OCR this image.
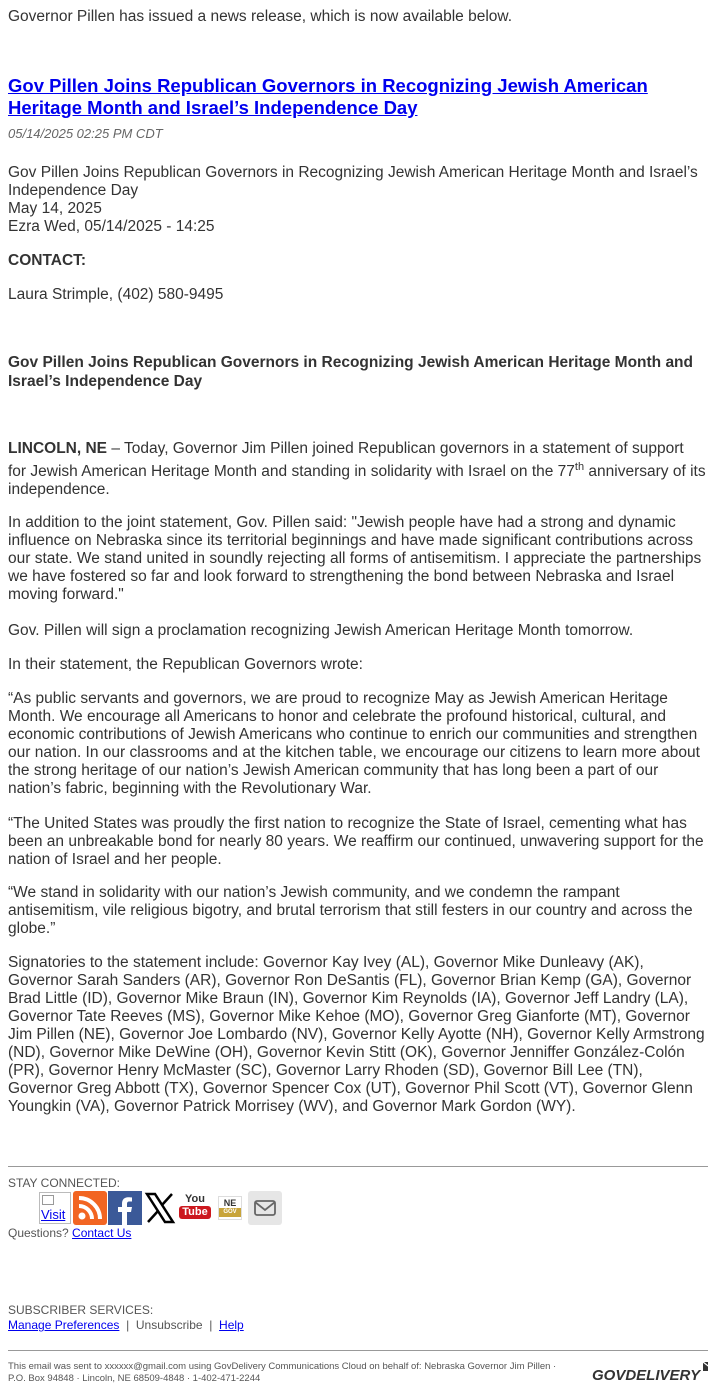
Governor Pillen has issued a news release, which is now available below.

Gov Pillen Joins Republican Governors in Recognizing Jewish American Heritage Month and Israel’s Independence Day
05/14/2025 02:25 PM CDT
Gov Pillen Joins Republican Governors in Recognizing Jewish American Heritage Month and Israel’s Independence Day
May 14, 2025
Ezra Wed, 05/14/2025 - 14:25
CONTACT:
Laura Strimple, (402) 580-9495
Gov Pillen Joins Republican Governors in Recognizing Jewish American Heritage Month and Israel’s Independence Day

LINCOLN, NE – Today, Governor Jim Pillen joined Republican governors in a statement of support for Jewish American Heritage Month and standing in solidarity with Israel on the 77th anniversary of its independence.

In addition to the joint statement, Gov. Pillen said: "Jewish people have had a strong and dynamic influence on Nebraska since its territorial beginnings and have made significant contributions across our state. We stand united in soundly rejecting all forms of antisemitism. I appreciate the partnerships we have fostered so far and look forward to strengthening the bond between Nebraska and Israel moving forward."

Gov. Pillen will sign a proclamation recognizing Jewish American Heritage Month tomorrow.

In their statement, the Republican Governors wrote:

“As public servants and governors, we are proud to recognize May as Jewish American Heritage Month. We encourage all Americans to honor and celebrate the profound historical, cultural, and economic contributions of Jewish Americans who continue to enrich our communities and strengthen our nation. In our classrooms and at the kitchen table, we encourage our citizens to learn more about the strong heritage of our nation’s Jewish American community that has long been a part of our nation’s fabric, beginning with the Revolutionary War.

“The United States was proudly the first nation to recognize the State of Israel, cementing what has been an unbreakable bond for nearly 80 years. We reaffirm our continued, unwavering support for the nation of Israel and her people.

“We stand in solidarity with our nation’s Jewish community, and we condemn the rampant antisemitism, vile religious bigotry, and brutal terrorism that still festers in our country and across the globe.”

Signatories to the statement include: Governor Kay Ivey (AL), Governor Mike Dunleavy (AK), Governor Sarah Sanders (AR), Governor Ron DeSantis (FL), Governor Brian Kemp (GA), Governor Brad Little (ID), Governor Mike Braun (IN), Governor Kim Reynolds (IA), Governor Jeff Landry (LA), Governor Tate Reeves (MS), Governor Mike Kehoe (MO), Governor Greg Gianforte (MT), Governor Jim Pillen (NE), Governor Joe Lombardo (NV), Governor Kelly Ayotte (NH), Governor Kelly Armstrong (ND), Governor Mike DeWine (OH), Governor Kevin Stitt (OK), Governor Jenniffer González-Colón (PR), Governor Henry McMaster (SC), Governor Larry Rhoden (SD), Governor Bill Lee (TN), Governor Greg Abbott (TX), Governor Spencer Cox (UT), Governor Phil Scott (VT), Governor Glenn Youngkin (VA), Governor Patrick Morrisey (WV), and Governor Mark Gordon (WY).

STAY CONNECTED:
Visit
You
Tube
NE
GOV
Questions? Contact Us
SUBSCRIBER SERVICES:
Manage Preferences | Unsubscribe | Help
This email was sent to xxxxxx@gmail.com using GovDelivery Communications Cloud on behalf of: Nebraska Governor Jim Pillen ·
P.O. Box 94848 · Lincoln, NE 68509-4848 · 1-402-471-2244	GOVDELIVERY
